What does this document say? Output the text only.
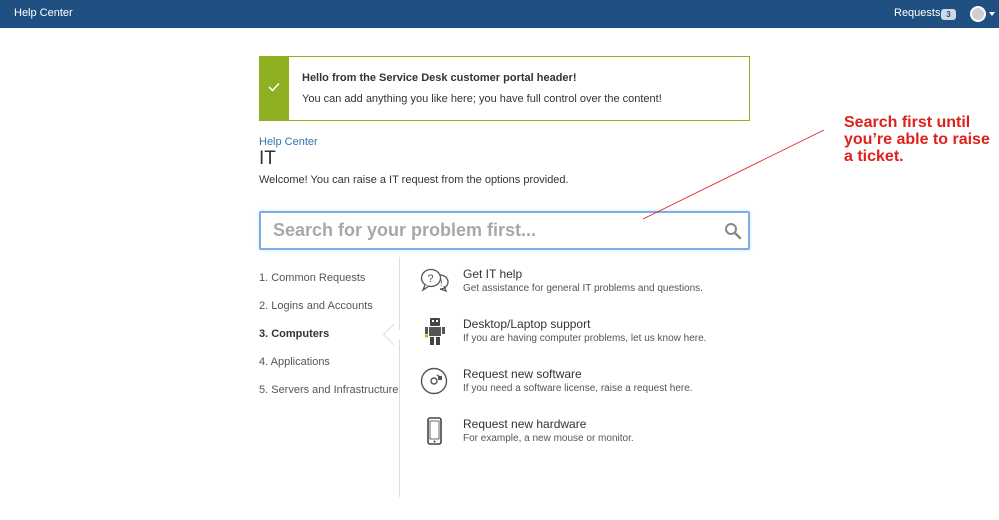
Help Center	Requests 3
Hello from the Service Desk customer portal header!
You can add anything you like here; you have full control over the content!
Help Center
IT
Welcome! You can raise a IT request from the options provided.
Search for your problem first...
1. Common Requests
2. Logins and Accounts
3. Computers
4. Applications
5. Servers and Infrastructure
? !
Get IT help
Get assistance for general IT problems and questions.
Desktop/Laptop support
If you are having computer problems, let us know here.
Request new software
If you need a software license, raise a request here.
Request new hardware
For example, a new mouse or monitor.
Search first until you’re able to raise a ticket.
